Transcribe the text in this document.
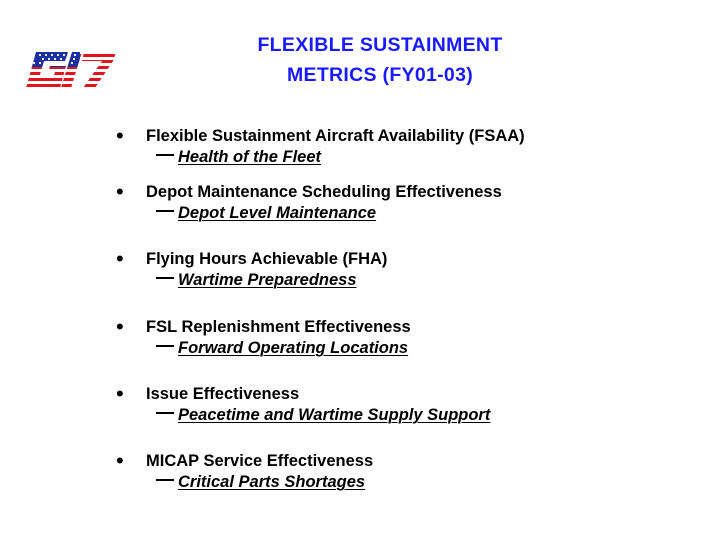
FLEXIBLE SUSTAINMENT
METRICS (FY01-03)
• Flexible Sustainment Aircraft Availability (FSAA)
Health of the Fleet
• Depot Maintenance Scheduling Effectiveness
Depot Level Maintenance
• Flying Hours Achievable (FHA)
Wartime Preparedness
• FSL Replenishment Effectiveness
Forward Operating Locations
• Issue Effectiveness
Peacetime and Wartime Supply Support
• MICAP Service Effectiveness
Critical Parts Shortages
